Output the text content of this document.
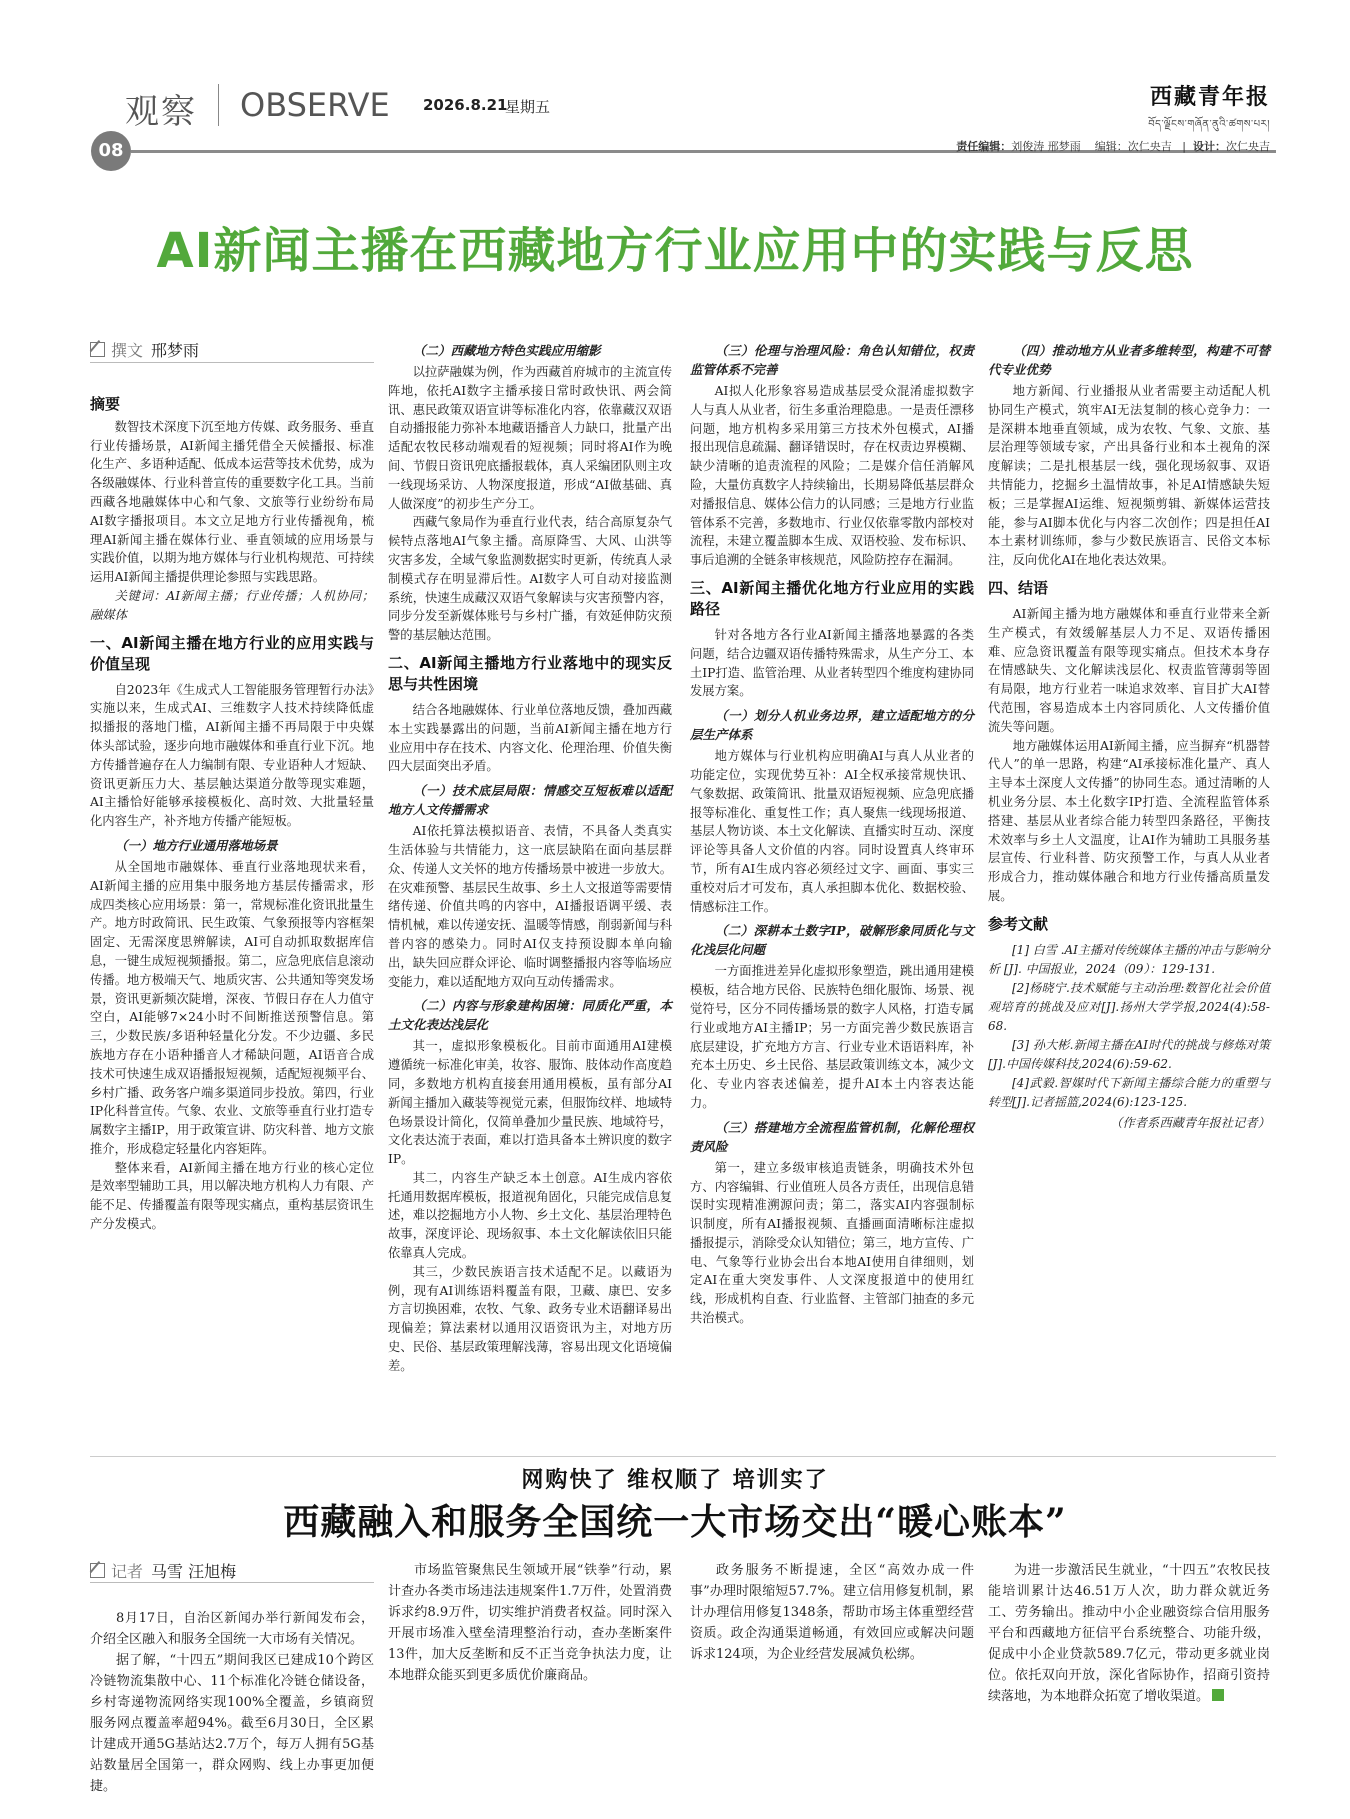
观察 OBSERVE 2026.8.21
星期五	西藏青年报
བོད་ལྗོངས་གཞོན་ནུའི་ཚགས་པར།
08	责任编辑：刘俊涛 邢梦雨 编辑：次仁央吉   |  设计：次仁央吉
AI新闻主播在西藏地方行业应用中的实践与反思
撰文 邢梦雨
摘要

数智技术深度下沉至地方传媒、政务服务、垂直行业传播场景，AI新闻主播凭借全天候播报、标准化生产、多语种适配、低成本运营等技术优势，成为各级融媒体、行业科普宣传的重要数字化工具。当前西藏各地融媒体中心和气象、文旅等行业纷纷布局AI数字播报项目。本文立足地方行业传播视角，梳理AI新闻主播在媒体行业、垂直领域的应用场景与实践价值，以期为地方媒体与行业机构规范、可持续运用AI新闻主播提供理论参照与实践思路。

关键词：AI新闻主播；行业传播；人机协同；融媒体

一、AI新闻主播在地方行业的应用实践与价值呈现

自2023年《生成式人工智能服务管理暂行办法》实施以来，生成式AI、三维数字人技术持续降低虚拟播报的落地门槛，AI新闻主播不再局限于中央媒体头部试验，逐步向地市融媒体和垂直行业下沉。地方传播普遍存在人力编制有限、专业语种人才短缺、资讯更新压力大、基层触达渠道分散等现实难题，AI主播恰好能够承接模板化、高时效、大批量轻量化内容生产，补齐地方传播产能短板。

（一）地方行业通用落地场景

从全国地市融媒体、垂直行业落地现状来看，AI新闻主播的应用集中服务地方基层传播需求，形成四类核心应用场景：第一，常规标准化资讯批量生产。地方时政简讯、民生政策、气象预报等内容框架固定、无需深度思辨解读，AI可自动抓取数据库信息，一键生成短视频播报。第二，应急兜底信息滚动传播。地方极端天气、地质灾害、公共通知等突发场景，资讯更新频次陡增，深夜、节假日存在人力值守空白，AI能够7×24小时不间断推送预警信息。第三，少数民族/多语种轻量化分发。不少边疆、多民族地方存在小语种播音人才稀缺问题，AI语音合成技术可快速生成双语播报短视频，适配短视频平台、乡村广播、政务客户端多渠道同步投放。第四，行业IP化科普宣传。气象、农业、文旅等垂直行业打造专属数字主播IP，用于政策宣讲、防灾科普、地方文旅推介，形成稳定轻量化内容矩阵。

整体来看，AI新闻主播在地方行业的核心定位是效率型辅助工具，用以解决地方机构人力有限、产能不足、传播覆盖有限等现实痛点，重构基层资讯生产分发模式。

（二）西藏地方特色实践应用缩影

以拉萨融媒为例，作为西藏首府城市的主流宣传阵地，依托AI数字主播承接日常时政快讯、两会简讯、惠民政策双语宣讲等标准化内容，依靠藏汉双语自动播报能力弥补本地藏语播音人力缺口，批量产出适配农牧民移动端观看的短视频；同时将AI作为晚间、节假日资讯兜底播报载体，真人采编团队则主攻一线现场采访、人物深度报道，形成“AI做基础、真人做深度”的初步生产分工。

西藏气象局作为垂直行业代表，结合高原复杂气候特点落地AI气象主播。高原降雪、大风、山洪等灾害多发，全域气象监测数据实时更新，传统真人录制模式存在明显滞后性。AI数字人可自动对接监测系统，快速生成藏汉双语气象解读与灾害预警内容，同步分发至新媒体账号与乡村广播，有效延伸防灾预警的基层触达范围。

二、AI新闻主播地方行业落地中的现实反思与共性困境

结合各地融媒体、行业单位落地反馈，叠加西藏本土实践暴露出的问题，当前AI新闻主播在地方行业应用中存在技术、内容文化、伦理治理、价值失衡四大层面突出矛盾。

（一）技术底层局限：情感交互短板难以适配地方人文传播需求

AI依托算法模拟语音、表情，不具备人类真实生活体验与共情能力，这一底层缺陷在面向基层群众、传递人文关怀的地方传播场景中被进一步放大。在灾难预警、基层民生故事、乡土人文报道等需要情绪传递、价值共鸣的内容中，AI播报语调平缓、表情机械，难以传递安抚、温暖等情感，削弱新闻与科普内容的感染力。同时AI仅支持预设脚本单向输出，缺失回应群众评论、临时调整播报内容等临场应变能力，难以适配地方双向互动传播需求。

（二）内容与形象建构困境：同质化严重，本土文化表达浅层化

其一，虚拟形象模板化。目前市面通用AI建模遵循统一标准化审美，妆容、服饰、肢体动作高度趋同，多数地方机构直接套用通用模板，虽有部分AI新闻主播加入藏装等视觉元素，但服饰纹样、地域特色场景设计简化，仅简单叠加少量民族、地域符号，文化表达流于表面，难以打造具备本土辨识度的数字IP。

其二，内容生产缺乏本土创意。AI生成内容依托通用数据库模板，报道视角固化，只能完成信息复述，难以挖掘地方小人物、乡土文化、基层治理特色故事，深度评论、现场叙事、本土文化解读依旧只能依靠真人完成。

其三，少数民族语言技术适配不足。以藏语为例，现有AI训练语料覆盖有限，卫藏、康巴、安多方言切换困难，农牧、气象、政务专业术语翻译易出现偏差；算法素材以通用汉语资讯为主，对地方历史、民俗、基层政策理解浅薄，容易出现文化语境偏差。

（三）伦理与治理风险：角色认知错位，权责监管体系不完善

AI拟人化形象容易造成基层受众混淆虚拟数字人与真人从业者，衍生多重治理隐患。一是责任漂移问题，地方机构多采用第三方技术外包模式，AI播报出现信息疏漏、翻译错误时，存在权责边界模糊、缺少清晰的追责流程的风险；二是媒介信任消解风险，大量仿真数字人持续输出，长期易降低基层群众对播报信息、媒体公信力的认同感；三是地方行业监管体系不完善，多数地市、行业仅依靠零散内部校对流程，未建立覆盖脚本生成、双语校验、发布标识、事后追溯的全链条审核规范，风险防控存在漏洞。

三、AI新闻主播优化地方行业应用的实践路径

针对各地方各行业AI新闻主播落地暴露的各类问题，结合边疆双语传播特殊需求，从生产分工、本土IP打造、监管治理、从业者转型四个维度构建协同发展方案。

（一）划分人机业务边界，建立适配地方的分层生产体系

地方媒体与行业机构应明确AI与真人从业者的功能定位，实现优势互补：AI全权承接常规快讯、气象数据、政策简讯、批量双语短视频、应急兜底播报等标准化、重复性工作；真人聚焦一线现场报道、基层人物访谈、本土文化解读、直播实时互动、深度评论等具备人文价值的内容。同时设置真人终审环节，所有AI生成内容必须经过文字、画面、事实三重校对后才可发布，真人承担脚本优化、数据校验、情感标注工作。

（二）深耕本土数字IP，破解形象同质化与文化浅层化问题

一方面推进差异化虚拟形象塑造，跳出通用建模模板，结合地方民俗、民族特色细化服饰、场景、视觉符号，区分不同传播场景的数字人风格，打造专属行业或地方AI主播IP；另一方面完善少数民族语言底层建设，扩充地方方言、行业专业术语语料库，补充本土历史、乡土民俗、基层政策训练文本，减少文化、专业内容表述偏差，提升AI本土内容表达能力。

（三）搭建地方全流程监管机制，化解伦理权责风险

第一，建立多级审核追责链条，明确技术外包方、内容编辑、行业值班人员各方责任，出现信息错误时实现精准溯源问责；第二，落实AI内容强制标识制度，所有AI播报视频、直播画面清晰标注虚拟播报提示，消除受众认知错位；第三，地方宣传、广电、气象等行业协会出台本地AI使用自律细则，划定AI在重大突发事件、人文深度报道中的使用红线，形成机构自查、行业监督、主管部门抽查的多元共治模式。

（四）推动地方从业者多维转型，构建不可替代专业优势

地方新闻、行业播报从业者需要主动适配人机协同生产模式，筑牢AI无法复制的核心竞争力：一是深耕本地垂直领域，成为农牧、气象、文旅、基层治理等领域专家，产出具备行业和本土视角的深度解读；二是扎根基层一线，强化现场叙事、双语共情能力，挖掘乡土温情故事，补足AI情感缺失短板；三是掌握AI运维、短视频剪辑、新媒体运营技能，参与AI脚本优化与内容二次创作；四是担任AI本土素材训练师，参与少数民族语言、民俗文本标注，反向优化AI在地化表达效果。

四、结语

AI新闻主播为地方融媒体和垂直行业带来全新生产模式，有效缓解基层人力不足、双语传播困难、应急资讯覆盖有限等现实痛点。但技术本身存在情感缺失、文化解读浅层化、权责监管薄弱等固有局限，地方行业若一味追求效率、盲目扩大AI替代范围，容易造成本土内容同质化、人文传播价值流失等问题。

地方融媒体运用AI新闻主播，应当摒弃“机器替代人”的单一思路，构建“AI承接标准化量产、真人主导本土深度人文传播”的协同生态。通过清晰的人机业务分层、本土化数字IP打造、全流程监管体系搭建、基层从业者综合能力转型四条路径，平衡技术效率与乡土人文温度，让AI作为辅助工具服务基层宣传、行业科普、防灾预警工作，与真人从业者形成合力，推动媒体融合和地方行业传播高质量发展。

参考文献

[1] 白雪 .AI主播对传统媒体主播的冲击与影响分析 [J]. 中国报业，2024（09）：129-131.

[2]杨晓宁.技术赋能与主动治理:数智化社会价值观培育的挑战及应对[J].扬州大学学报,2024(4):58-68.

[3] 孙大彬.新闻主播在AI时代的挑战与修炼对策[J].中国传媒科技,2024(6):59-62.

[4]武毅.智媒时代下新闻主播综合能力的重塑与转型[J].记者摇篮,2024(6):123-125.

（作者系西藏青年报社记者）

网购快了 维权顺了 培训实了
西藏融入和服务全国统一大市场交出“暖心账本”
记者 马雪 汪旭梅

8月17日，自治区新闻办举行新闻发布会，介绍全区融入和服务全国统一大市场有关情况。

据了解，“十四五”期间我区已建成10个跨区冷链物流集散中心、11个标准化冷链仓储设备，乡村寄递物流网络实现100%全覆盖，乡镇商贸服务网点覆盖率超94%。截至6月30日，全区累计建成开通5G基站达2.7万个，每万人拥有5G基站数量居全国第一，群众网购、线上办事更加便捷。

市场监管聚焦民生领域开展“铁拳”行动，累计查办各类市场违法违规案件1.7万件，处置消费诉求约8.9万件，切实维护消费者权益。同时深入开展市场准入壁垒清理整治行动，查办垄断案件13件，加大反垄断和反不正当竞争执法力度，让本地群众能买到更多质优价廉商品。

政务服务不断提速，全区“高效办成一件事”办理时限缩短57.7%。建立信用修复机制，累计办理信用修复1348条，帮助市场主体重塑经营资质。政企沟通渠道畅通，有效回应或解决问题诉求124项，为企业经营发展减负松绑。

为进一步激活民生就业，“十四五”农牧民技能培训累计达46.51万人次，助力群众就近务工、劳务输出。推动中小企业融资综合信用服务平台和西藏地方征信平台系统整合、功能升级，促成中小企业贷款589.7亿元，带动更多就业岗位。依托双向开放，深化省际协作，招商引资持续落地，为本地群众拓宽了增收渠道。
